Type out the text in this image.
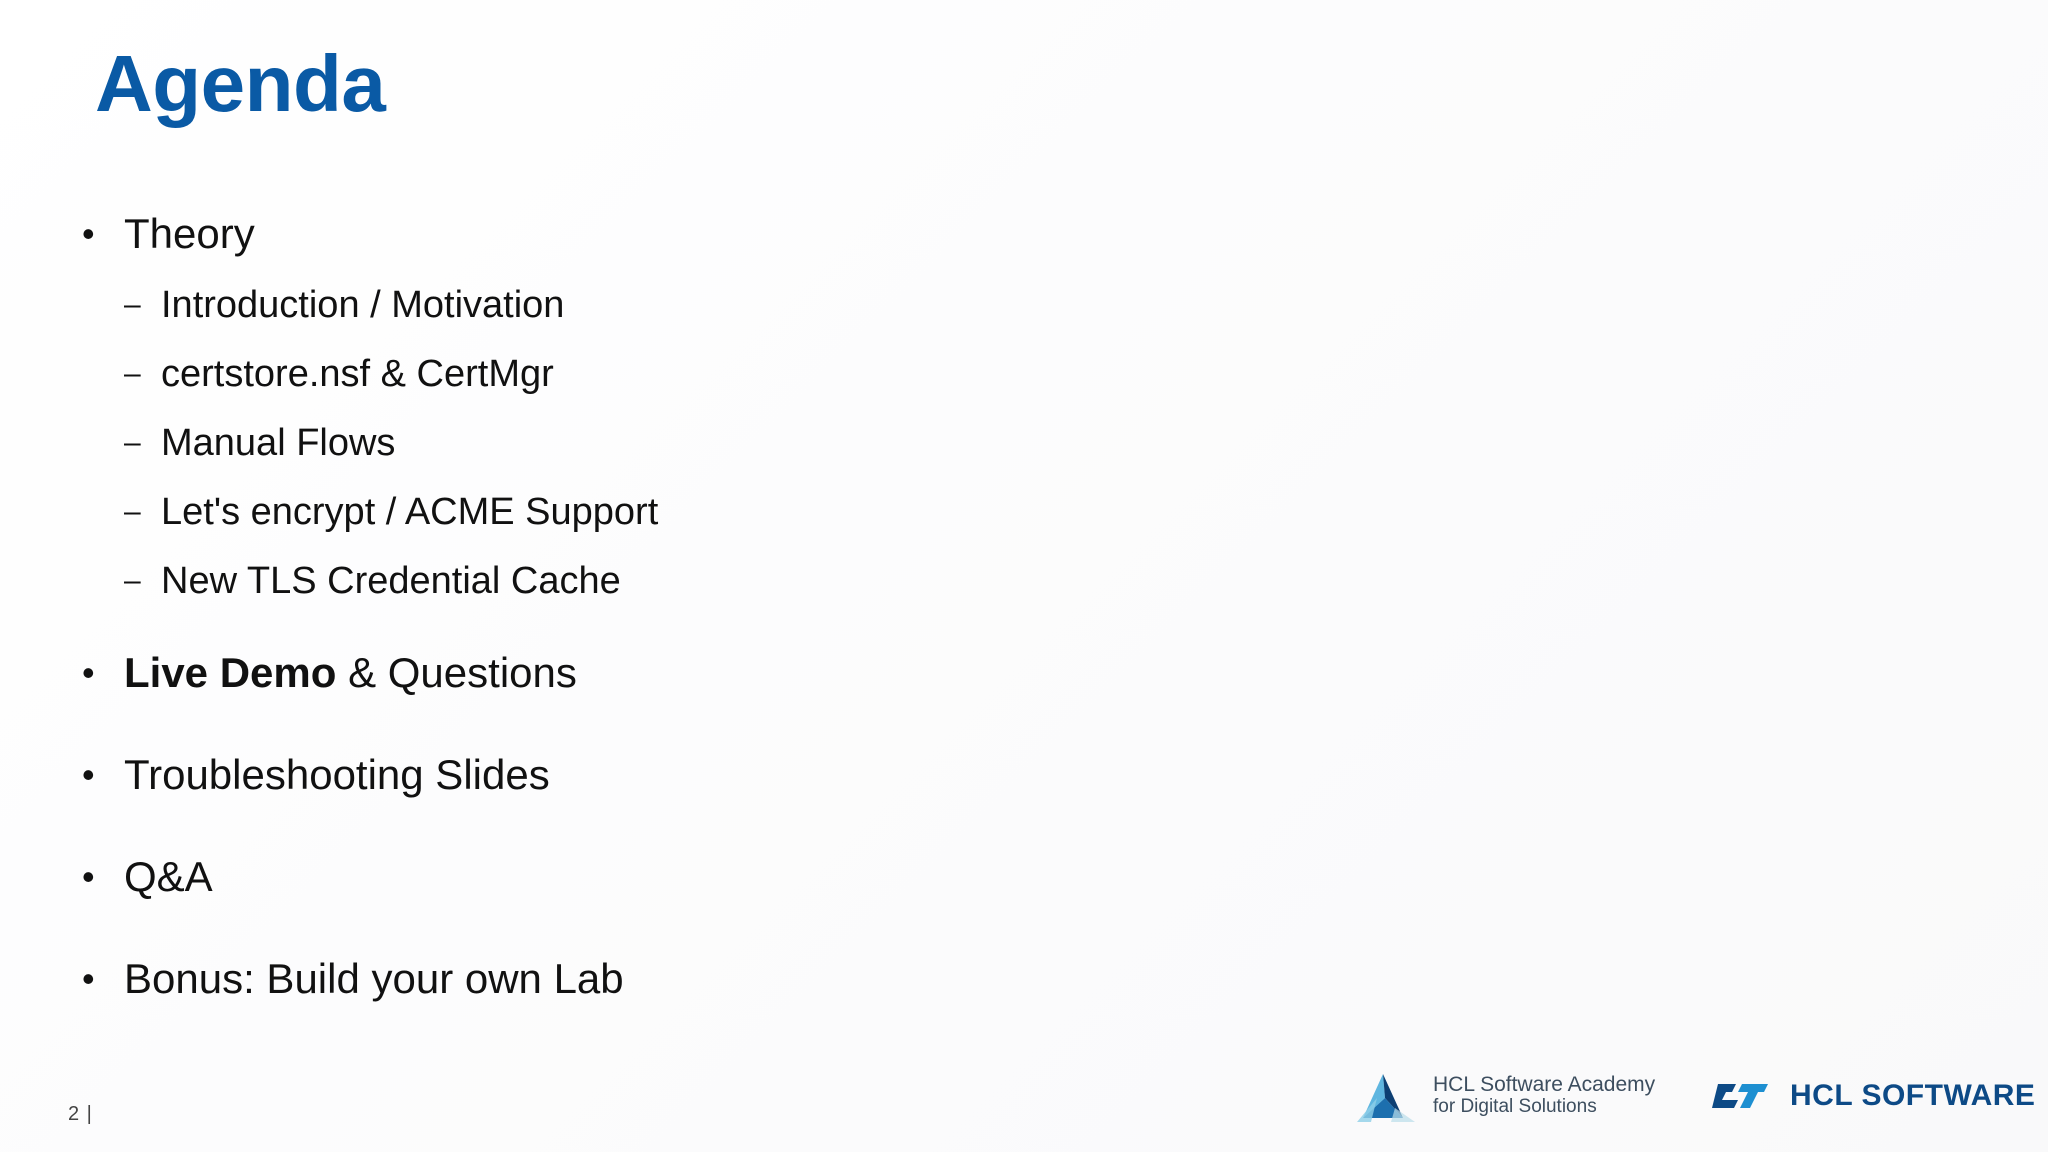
Agenda
• Theory
– Introduction / Motivation
– certstore.nsf & CertMgr
– Manual Flows
– Let's encrypt / ACME Support
– New TLS Credential Cache
• Live Demo & Questions
• Troubleshooting Slides
• Q&A
• Bonus: Build your own Lab
2 |
HCL Software Academy
for Digital Solutions	HCL SOFTWARE
